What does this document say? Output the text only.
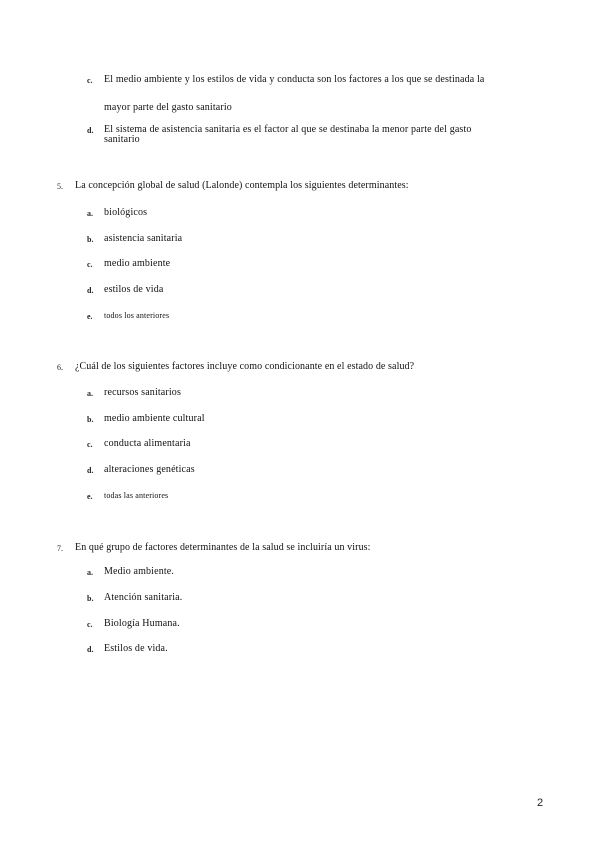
c. El medio ambiente y los estilos de vida y conducta son los factores a los que se destinada la
mayor parte del gasto sanitario
d. El sistema de asistencia sanitaria es el factor al que se destinaba la menor parte del gasto
sanitario
5. La concepción global de salud (Lalonde) contempla los siguientes determinantes:
a. biológicos
b. asistencia sanitaria
c. medio ambiente
d. estilos de vida
e. todos los anteriores
6. ¿Cuál de los siguientes factores incluye como condicionante en el estado de salud?
a. recursos sanitarios
b. medio ambiente cultural
c. conducta alimentaria
d. alteraciones genéticas
e. todas las anteriores
7. En qué grupo de factores determinantes de la salud se incluiría un virus:
a. Medio ambiente.
b. Atención sanitaria.
c. Biología Humana.
d. Estilos de vida.
2
